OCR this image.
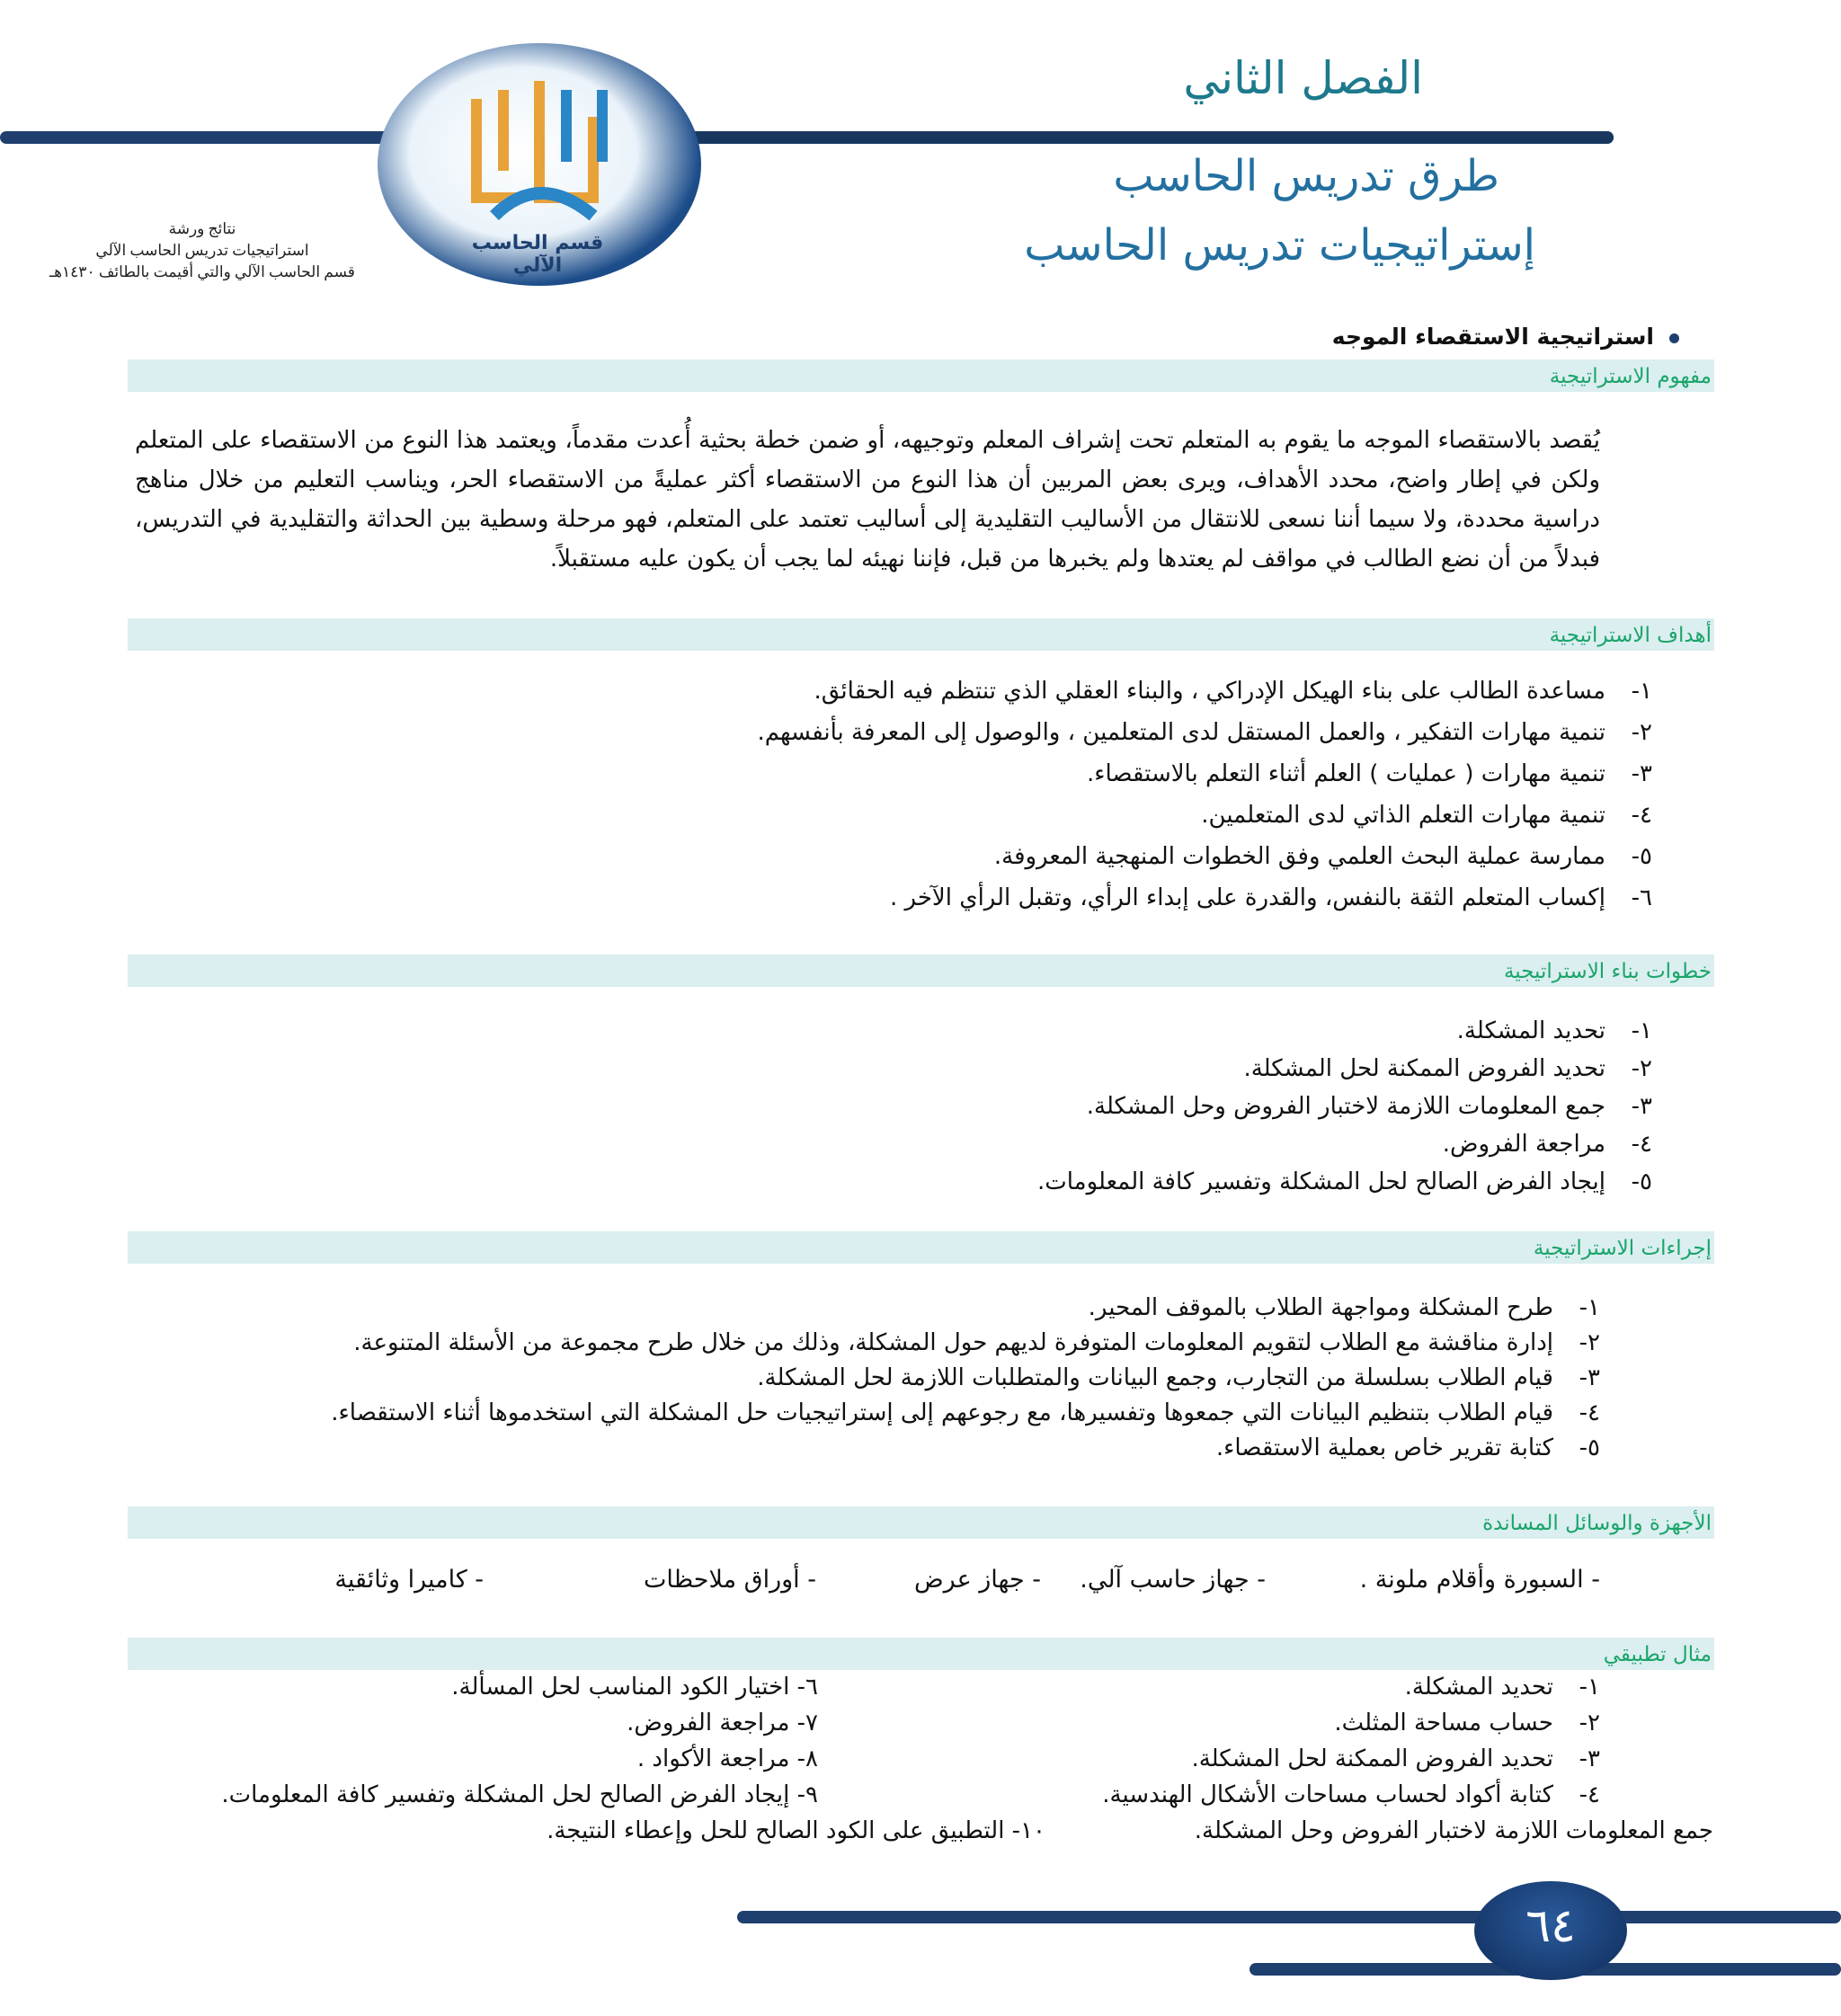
قسم الحاسب الآلي
الفصل الثاني
طرق تدريس الحاسب
إستراتيجيات تدريس الحاسب
نتائج ورشة
استراتيجيات تدريس الحاسب الآلي
قسم الحاسب الآلي والتي أقيمت بالطائف ١٤٣٠هـ
استراتيجية الاستقصاء الموجه
مفهوم الاستراتيجية
يُقصد بالاستقصاء الموجه ما يقوم به المتعلم تحت إشراف المعلم وتوجيهه، أو ضمن خطة بحثية أُعدت مقدماً، ويعتمد هذا النوع من الاستقصاء على المتعلم ولكن في إطار واضح، محدد الأهداف، ويرى بعض المربين أن هذا النوع من الاستقصاء أكثر عمليةً من الاستقصاء الحر، ويناسب التعليم من خلال مناهج دراسية محددة، ولا سيما أننا نسعى للانتقال من الأساليب التقليدية إلى أساليب تعتمد على المتعلم، فهو مرحلة وسطية بين الحداثة والتقليدية في التدريس، فبدلاً من أن نضع الطالب في مواقف لم يعتدها ولم يخبرها من قبل، فإننا نهيئه لما يجب أن يكون عليه مستقبلاً.
أهداف الاستراتيجية
١-مساعدة الطالب على بناء الهيكل الإدراكي ، والبناء العقلي الذي تنتظم فيه الحقائق.
٢-تنمية مهارات التفكير ، والعمل المستقل لدى المتعلمين ، والوصول إلى المعرفة بأنفسهم.
٣-تنمية مهارات ( عمليات ) العلم أثناء التعلم بالاستقصاء.
٤-تنمية مهارات التعلم الذاتي لدى المتعلمين.
٥-ممارسة عملية البحث العلمي وفق الخطوات المنهجية المعروفة.
٦-إكساب المتعلم الثقة بالنفس، والقدرة على إبداء الرأي، وتقبل الرأي الآخر .
خطوات بناء الاستراتيجية
١-تحديد المشكلة.
٢-تحديد الفروض الممكنة لحل المشكلة.
٣-جمع المعلومات اللازمة لاختبار الفروض وحل المشكلة.
٤-مراجعة الفروض.
٥-إيجاد الفرض الصالح لحل المشكلة وتفسير كافة المعلومات.
إجراءات الاستراتيجية
١-طرح المشكلة ومواجهة الطلاب بالموقف المحير.
٢-إدارة مناقشة مع الطلاب لتقويم المعلومات المتوفرة لديهم حول المشكلة، وذلك من خلال طرح مجموعة من الأسئلة المتنوعة.
٣-قيام الطلاب بسلسلة من التجارب، وجمع البيانات والمتطلبات اللازمة لحل المشكلة.
٤-قيام الطلاب بتنظيم البيانات التي جمعوها وتفسيرها، مع رجوعهم إلى إستراتيجيات حل المشكلة التي استخدموها أثناء الاستقصاء.
٥-كتابة تقرير خاص بعملية الاستقصاء.
الأجهزة والوسائل المساندة
- السبورة وأقلام ملونة .
- جهاز حاسب آلي.
- جهاز عرض
- أوراق ملاحظات
- كاميرا وثائقية
مثال تطبيقي
١-تحديد المشكلة.
٢-حساب مساحة المثلث.
٣-تحديد الفروض الممكنة لحل المشكلة.
٤-كتابة أكواد لحساب مساحات الأشكال الهندسية.
جمع المعلومات اللازمة لاختبار الفروض وحل المشكلة.
٦- اختيار الكود المناسب لحل المسألة.
٧- مراجعة الفروض.
٨- مراجعة الأكواد .
٩- إيجاد الفرض الصالح لحل المشكلة وتفسير كافة المعلومات.
١٠- التطبيق على الكود الصالح للحل وإعطاء النتيجة.
٦٤
